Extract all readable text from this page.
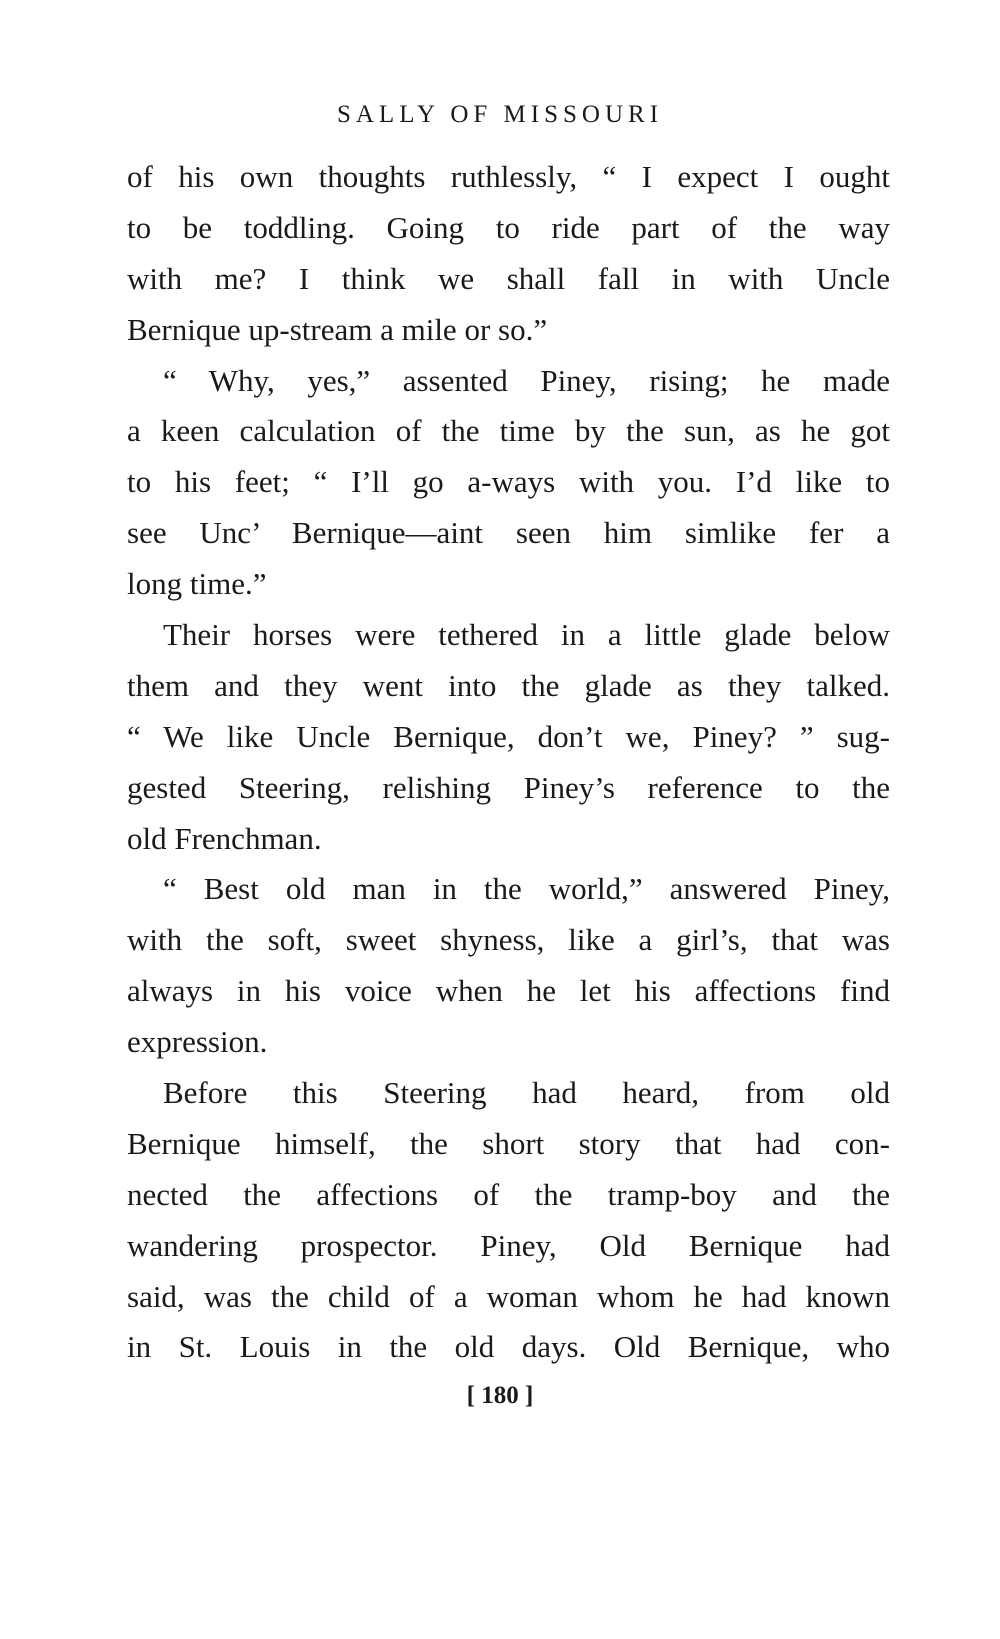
SALLY OF MISSOURI
of his own thoughts ruthlessly, “ I expect I ought
to be toddling. Going to ride part of the way
with me? I think we shall fall in with Uncle
Bernique up-stream a mile or so.”
“ Why, yes,” assented Piney, rising; he made
a keen calculation of the time by the sun, as he got
to his feet; “ I’ll go a-ways with you. I’d like to
see Unc’ Bernique—aint seen him simlike fer a
long time.”
Their horses were tethered in a little glade below
them and they went into the glade as they talked.
“ We like Uncle Bernique, don’t we, Piney? ” sug-
gested Steering, relishing Piney’s reference to the
old Frenchman.
“ Best old man in the world,” answered Piney,
with the soft, sweet shyness, like a girl’s, that was
always in his voice when he let his affections find
expression.
Before this Steering had heard, from old
Bernique himself, the short story that had con-
nected the affections of the tramp-boy and the
wandering prospector. Piney, Old Bernique had
said, was the child of a woman whom he had known
in St. Louis in the old days. Old Bernique, who
[ 180 ]
